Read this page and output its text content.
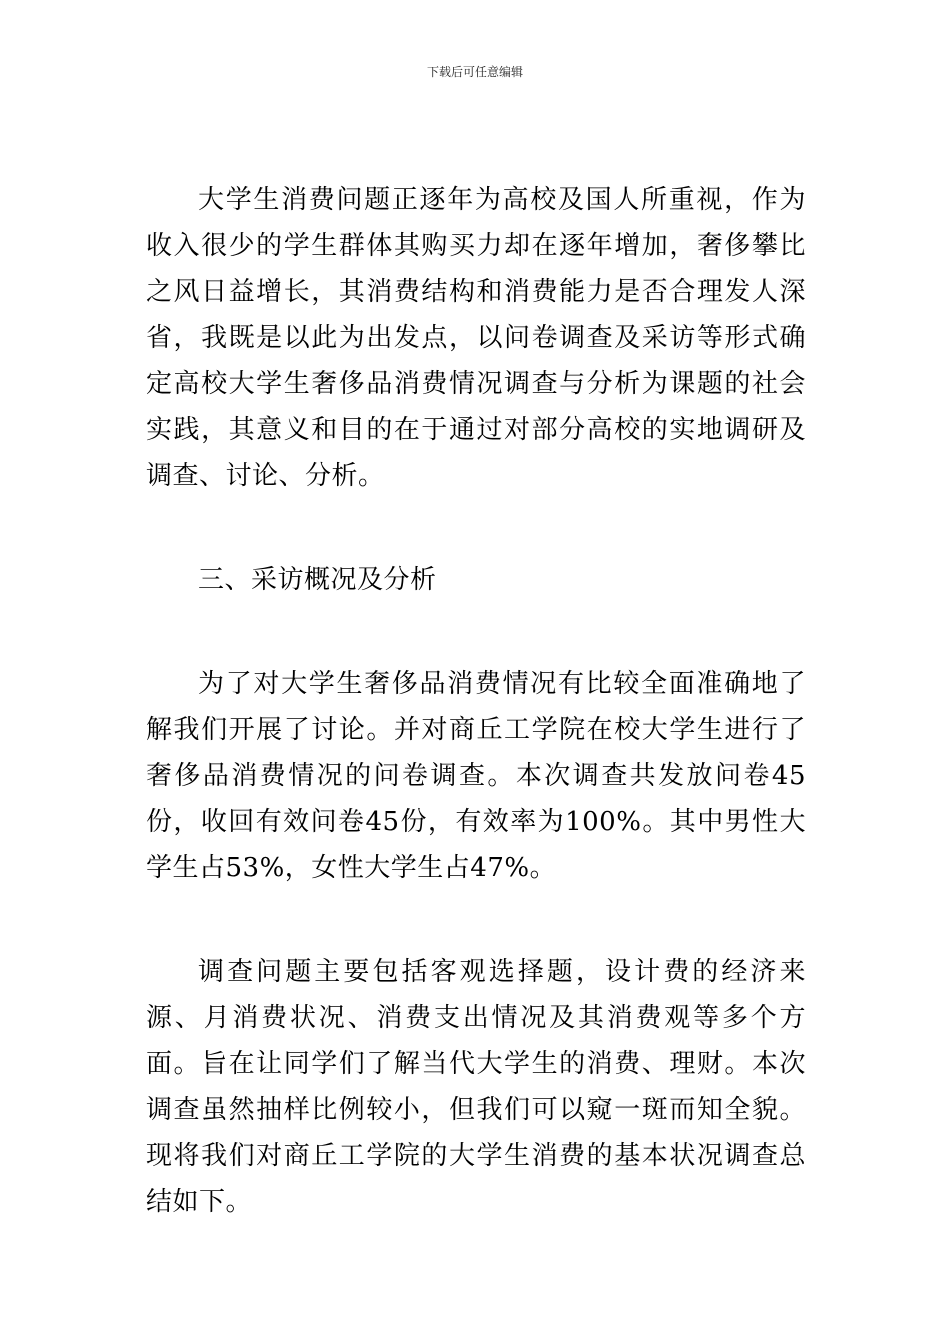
下载后可任意编辑

大学生消费问题正逐年为高校及国人所重视，作为收入很少的学生群体其购买力却在逐年增加，奢侈攀比之风日益增长，其消费结构和消费能力是否合理发人深省，我既是以此为出发点，以问卷调查及采访等形式确定高校大学生奢侈品消费情况调查与分析为课题的社会实践，其意义和目的在于通过对部分高校的实地调研及调查、讨论、分析。

三、采访概况及分析

为了对大学生奢侈品消费情况有比较全面准确地了解我们开展了讨论。并对商丘工学院在校大学生进行了奢侈品消费情况的问卷调查。本次调查共发放问卷45份，收回有效问卷45份，有效率为100%。其中男性大学生占53%，女性大学生占47%。

调查问题主要包括客观选择题，设计费的经济来源、月消费状况、消费支出情况及其消费观等多个方面。旨在让同学们了解当代大学生的消费、理财。本次调查虽然抽样比例较小，但我们可以窥一斑而知全貌。现将我们对商丘工学院的大学生消费的基本状况调查总结如下。
